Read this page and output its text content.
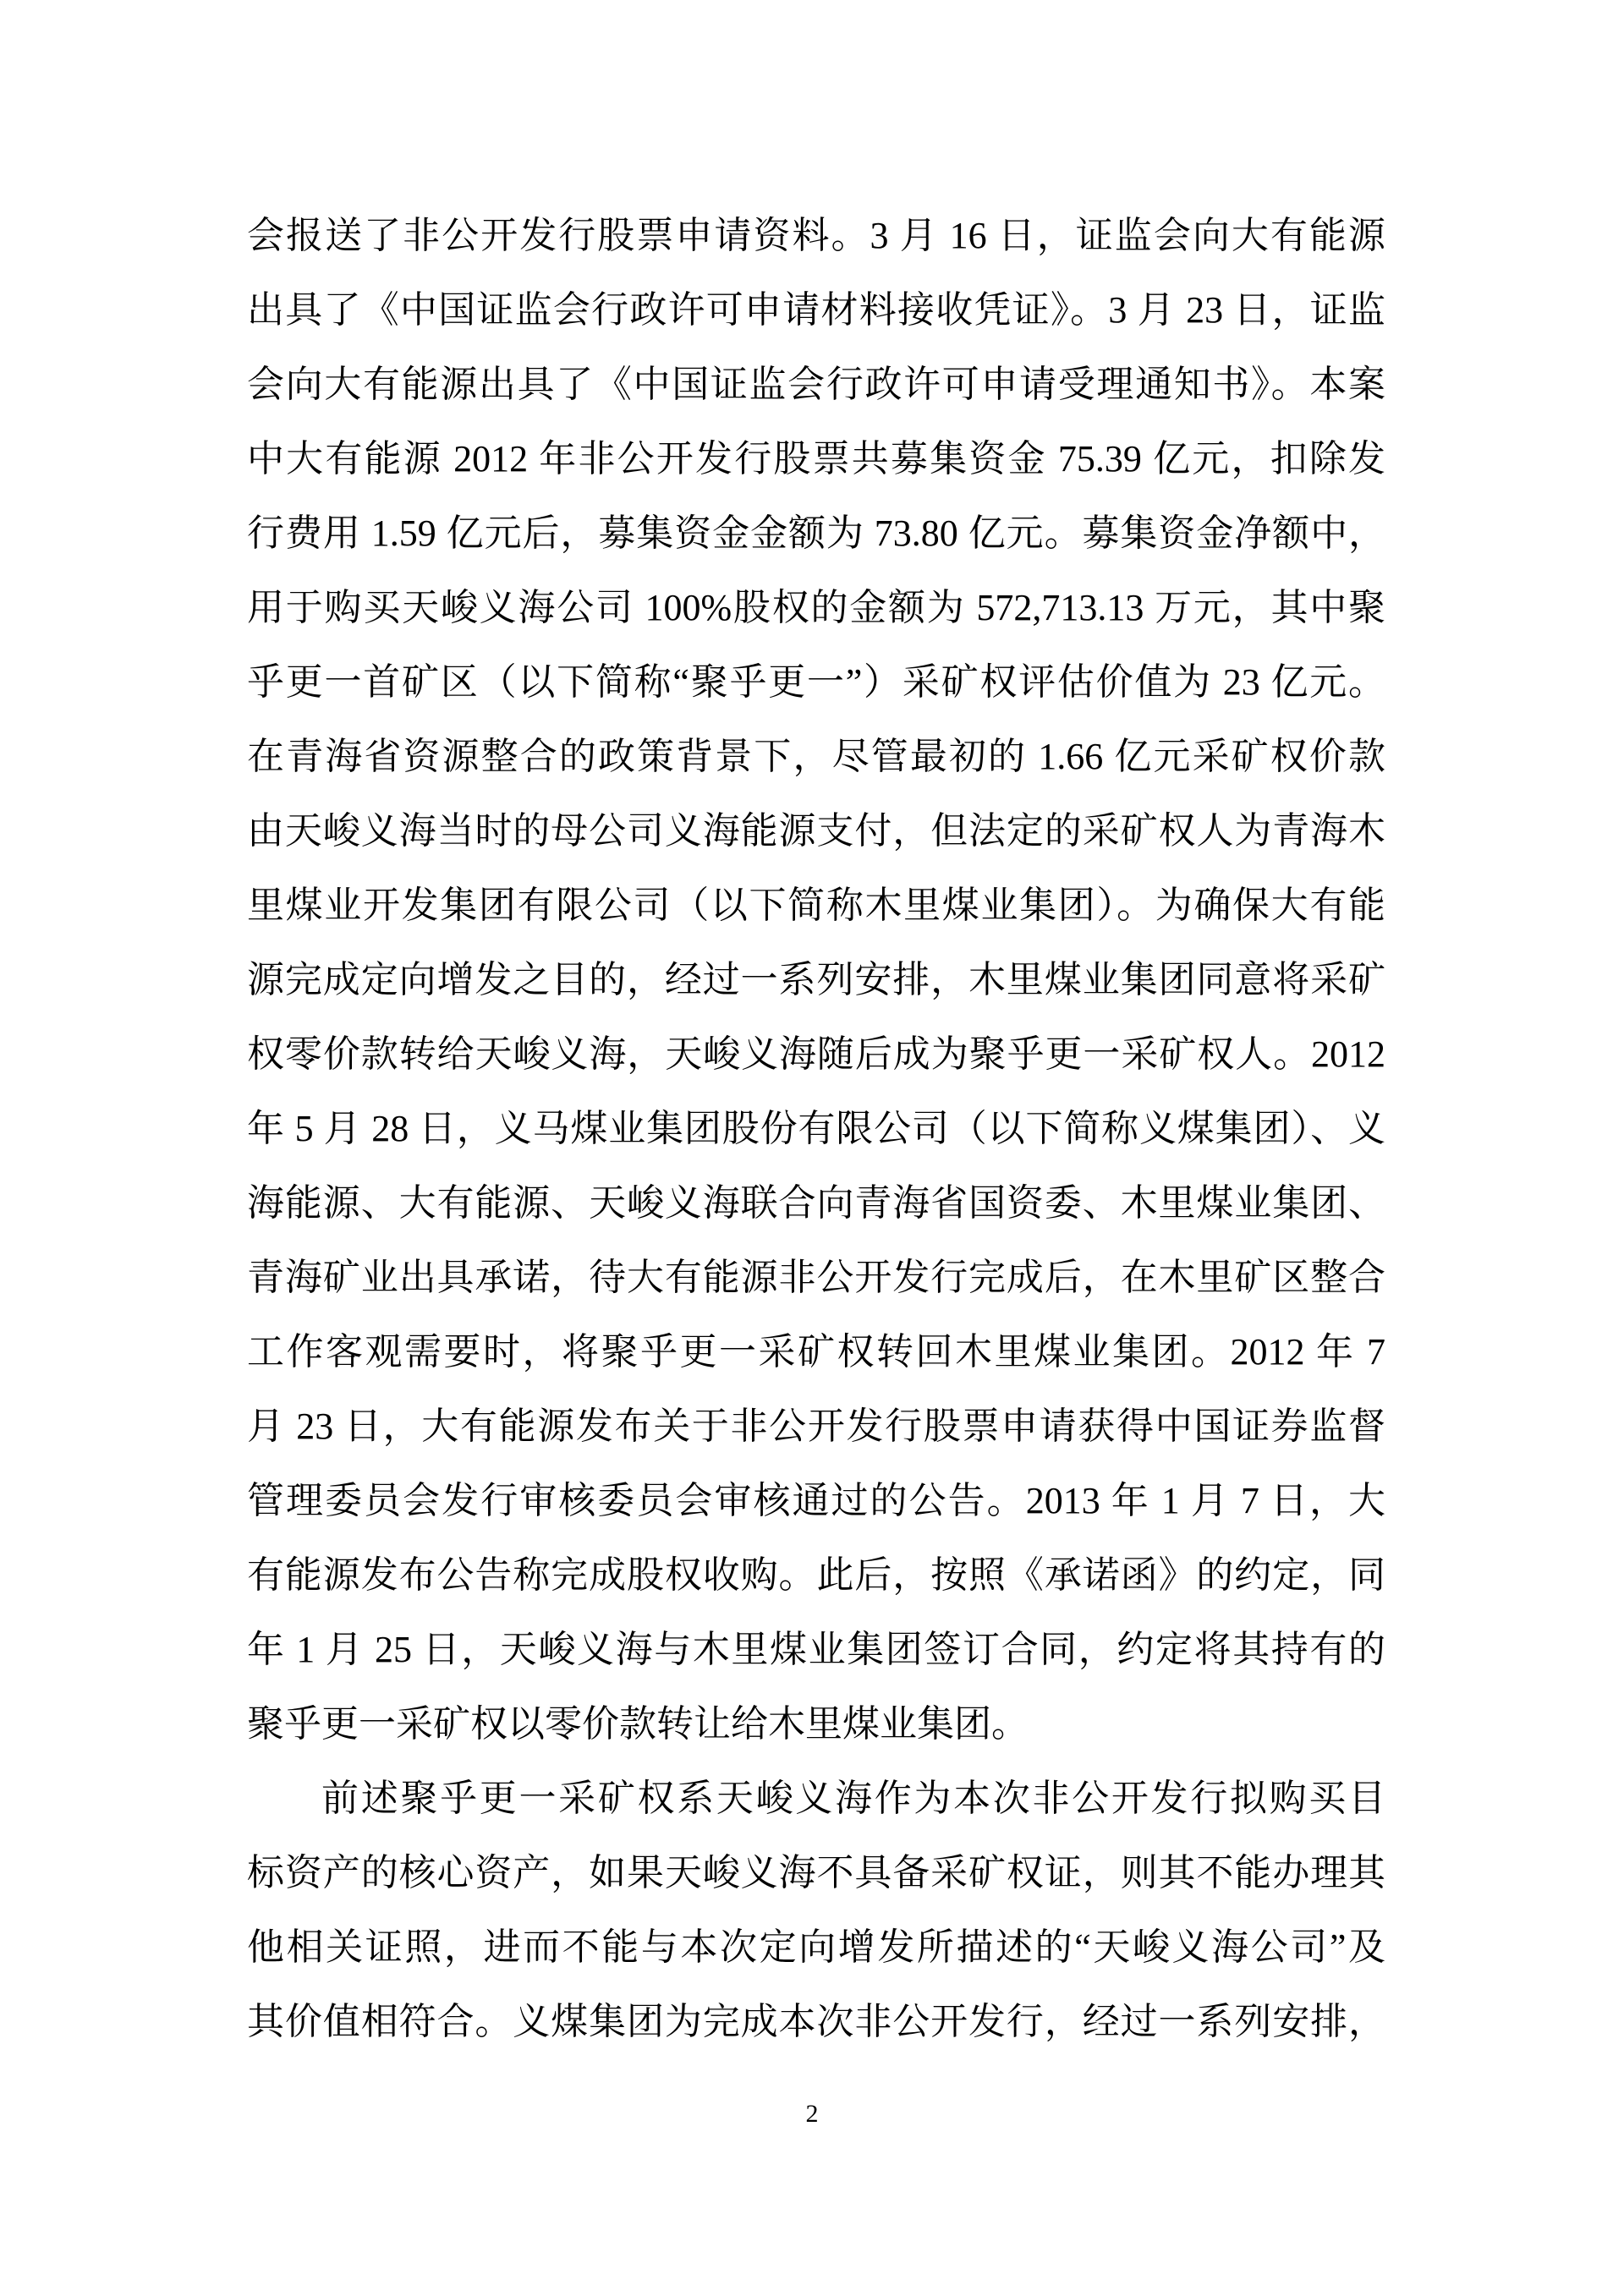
会报送了非公开发行股票申请资料。3 月 16 日，证监会向大有能源
出具了《中国证监会行政许可申请材料接收凭证》。3 月 23 日，证监
会向大有能源出具了《中国证监会行政许可申请受理通知书》。本案
中大有能源 2012 年非公开发行股票共募集资金 75.39 亿元，扣除发
行费用 1.59 亿元后，募集资金金额为 73.80 亿元。募集资金净额中，
用于购买天峻义海公司 100%股权的金额为 572,713.13 万元，其中聚
乎更一首矿区（以下简称“聚乎更一”）采矿权评估价值为 23 亿元。
在青海省资源整合的政策背景下，尽管最初的 1.66 亿元采矿权价款
由天峻义海当时的母公司义海能源支付，但法定的采矿权人为青海木
里煤业开发集团有限公司（以下简称木里煤业集团）。为确保大有能
源完成定向增发之目的，经过一系列安排，木里煤业集团同意将采矿
权零价款转给天峻义海，天峻义海随后成为聚乎更一采矿权人。2012
年 5 月 28 日，义马煤业集团股份有限公司（以下简称义煤集团）、义
海能源、大有能源、天峻义海联合向青海省国资委、木里煤业集团、
青海矿业出具承诺，待大有能源非公开发行完成后，在木里矿区整合
工作客观需要时，将聚乎更一采矿权转回木里煤业集团。2012 年 7
月 23 日，大有能源发布关于非公开发行股票申请获得中国证券监督
管理委员会发行审核委员会审核通过的公告。2013 年 1 月 7 日，大
有能源发布公告称完成股权收购。此后，按照《承诺函》的约定，同
年 1 月 25 日，天峻义海与木里煤业集团签订合同，约定将其持有的
聚乎更一采矿权以零价款转让给木里煤业集团。
前述聚乎更一采矿权系天峻义海作为本次非公开发行拟购买目
标资产的核心资产，如果天峻义海不具备采矿权证，则其不能办理其
他相关证照，进而不能与本次定向增发所描述的“天峻义海公司”及
其价值相符合。义煤集团为完成本次非公开发行，经过一系列安排，
2
